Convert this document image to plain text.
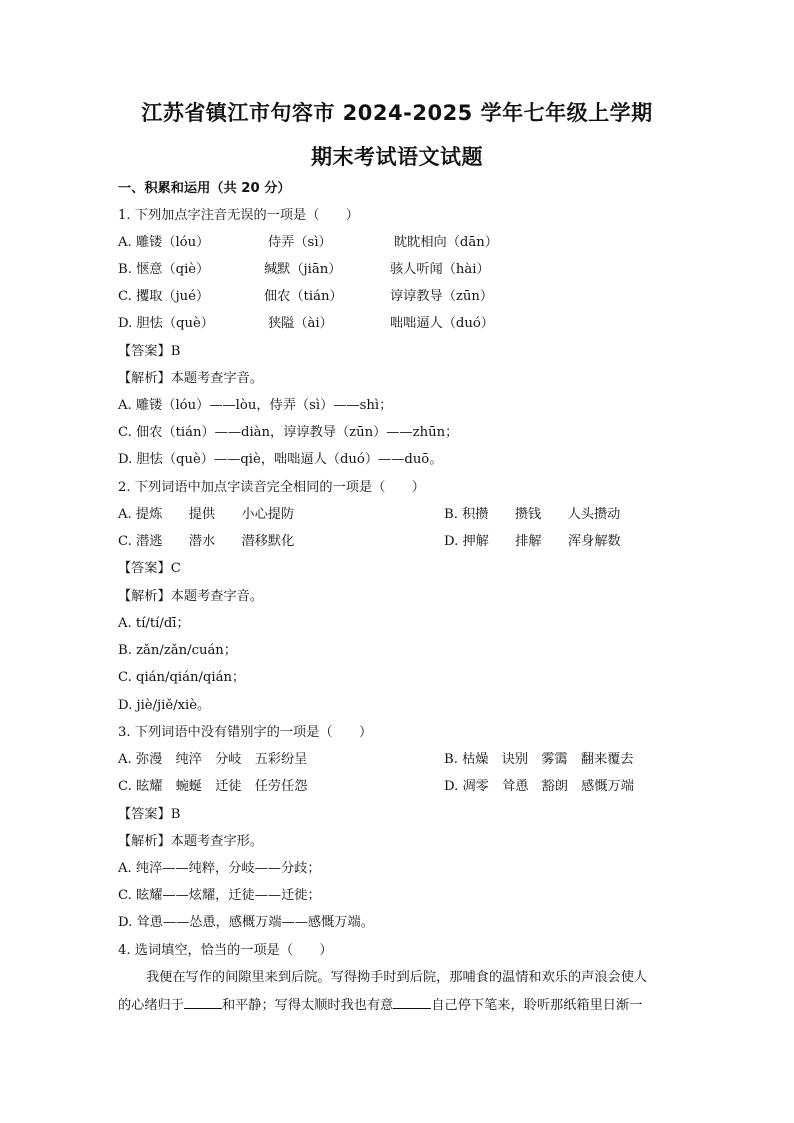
江苏省镇江市句容市 2024-2025 学年七年级上学期
期末考试语文试题
一、积累和运用（共 20 分）
1. 下列加点字注音无误的一项是（　　）
A. 雕镂（lóu）	侍弄（sì）	眈眈相向（dān）
B. 惬意（qiè）	缄默（jiān）	骇人听闻（hài）
C. 攫取（jué）	佃农（tián）	谆谆教导（zūn）
D. 胆怯（què）	狭隘（ài）	咄咄逼人（duó）
【答案】B
【解析】本题考查字音。
A. 雕镂（lóu）——lòu，侍弄（sì）——shì；
C. 佃农（tián）——diàn，谆谆教导（zūn）——zhūn；
D. 胆怯（què）——qiè，咄咄逼人（duó）——duō。
2. 下列词语中加点字读音完全相同的一项是（　　）
A. 提炼　　提供　　小心提防	B. 积攒　　攒钱　　人头攒动
C. 潜逃　　潜水　　潜移默化	D. 押解　　排解　　浑身解数
【答案】C
【解析】本题考查字音。
A. tí/tí/dī；
B. zǎn/zǎn/cuán；
C. qián/qián/qián；
D. jiè/jiě/xiè。
3. 下列词语中没有错别字的一项是（　　）
A. 弥漫　纯淬　分岐　五彩纷呈	B. 枯燥　诀别　雾霭　翻来覆去
C. 眩耀　蜿蜒　迁徒　任劳任怨	D. 凋零　耸恿　豁朗　感慨万端
【答案】B
【解析】本题考查字形。
A. 纯淬——纯粹，分岐——分歧；
C. 眩耀——炫耀，迁徒——迁徙；
D. 耸恿——怂恿，感概万端——感慨万端。
4. 选词填空，恰当的一项是（　　）
我便在写作的间隙里来到后院。写得拗手时到后院，那哺食的温情和欢乐的声浪会使人
的心绪归于	和平静；写得太顺时我也有意	自己停下笔来，聆听那纸箱里日渐一
